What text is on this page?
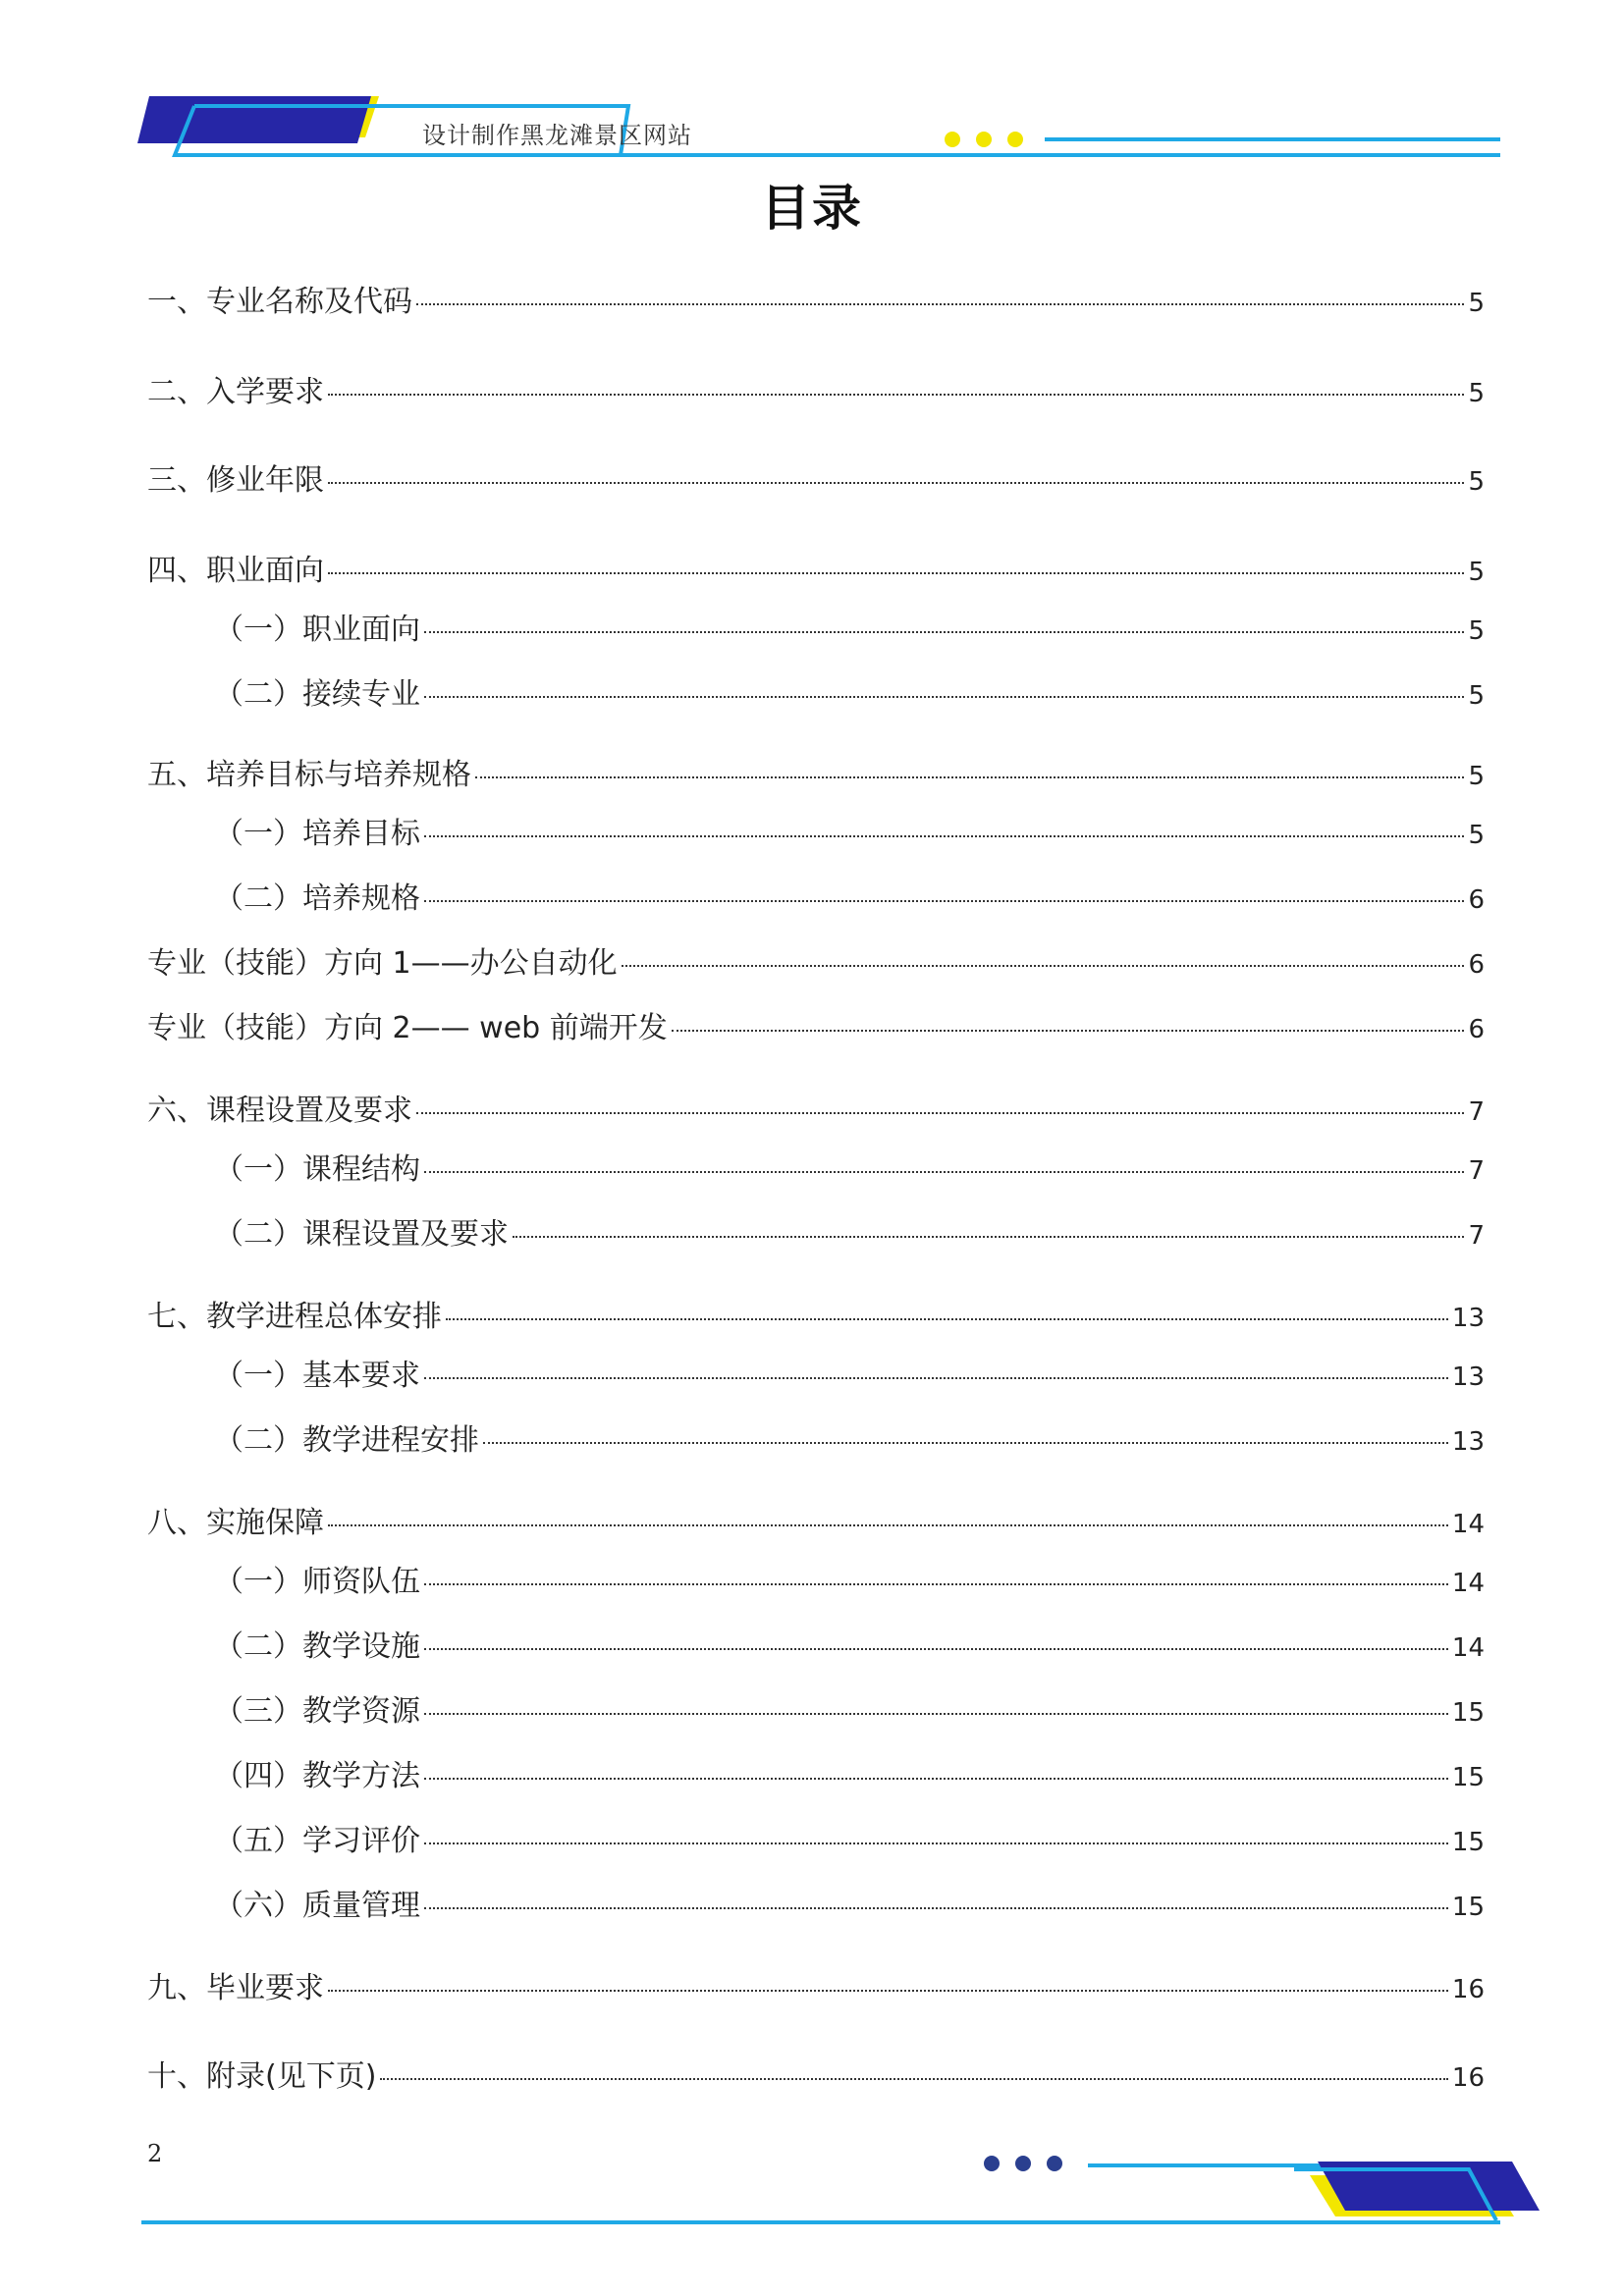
设计制作黑龙滩景区网站
目录
一、专业名称及代码	5
二、入学要求	5
三、修业年限	5
四、职业面向	5
（一）职业面向	5
（二）接续专业	5
五、培养目标与培养规格	5
（一）培养目标	5
（二）培养规格	6
专业（技能）方向 1——办公自动化	6
专业（技能）方向 2—— web 前端开发	6
六、课程设置及要求	7
（一）课程结构	7
（二）课程设置及要求	7
七、教学进程总体安排	13
（一）基本要求	13
（二）教学进程安排	13
八、实施保障	14
（一）师资队伍	14
（二）教学设施	14
（三）教学资源	15
（四）教学方法	15
（五）学习评价	15
（六）质量管理	15
九、毕业要求	16
十、附录(见下页)	16
2
